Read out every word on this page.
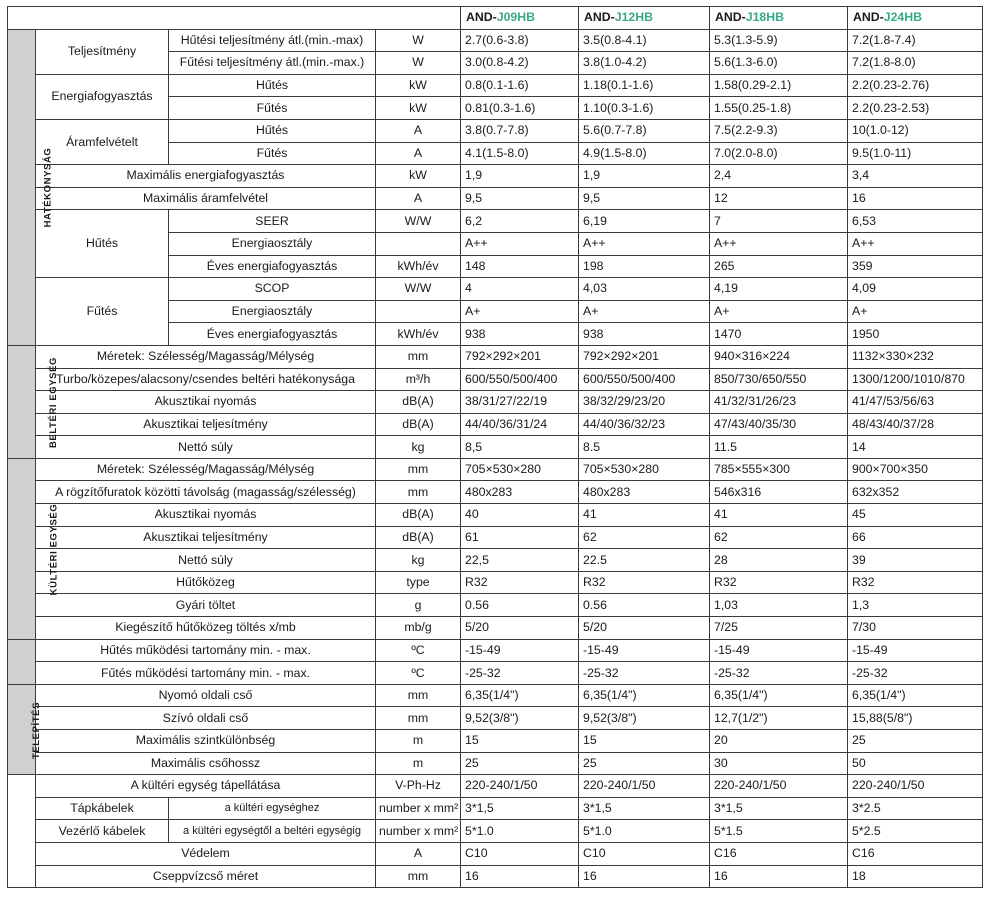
				AND-J09HB	AND-J12HB	AND-J18HB	AND-J24HB
HATÉKONYSÁG	Teljesítmény	Hűtési teljesítmény átl.(min.-max)	W	2.7(0.6-3.8)	3.5(0.8-4.1)	5.3(1.3-5.9)	7.2(1.8-7.4)
		Fűtési teljesítmény átl.(min.-max.)	W	3.0(0.8-4.2)	3.8(1.0-4.2)	5.6(1.3-6.0)	7.2(1.8-8.0)
	Energiafogyasztás	Hűtés	kW	0.8(0.1-1.6)	1.18(0.1-1.6)	1.58(0.29-2.1)	2.2(0.23-2.76)
		Fűtés	kW	0.81(0.3-1.6)	1.10(0.3-1.6)	1.55(0.25-1.8)	2.2(0.23-2.53)
	Áramfelvételt	Hűtés	A	3.8(0.7-7.8)	5.6(0.7-7.8)	7.5(2.2-9.3)	10(1.0-12)
		Fűtés	A	4.1(1.5-8.0)	4.9(1.5-8.0)	7.0(2.0-8.0)	9.5(1.0-11)
	Maximális energiafogyasztás		kW	1,9	1,9	2,4	3,4
	Maximális áramfelvétel		A	9,5	9,5	12	16
	Hűtés	SEER	W/W	6,2	6,19	7	6,53
		Energiaosztály		A++	A++	A++	A++
		Éves energiafogyasztás	kWh/év	148	198	265	359
	Fűtés	SCOP	W/W	4	4,03	4,19	4,09
		Energiaosztály		A+	A+	A+	A+
		Éves energiafogyasztás	kWh/év	938	938	1470	1950
BELTÉRI EGYSÉG	Méretek: Szélesség/Magasság/Mélység		mm	792×292×201	792×292×201	940×316×224	1132×330×232
	Turbo/közepes/alacsony/csendes beltéri hatékonysága		m³/h	600/550/500/400	600/550/500/400	850/730/650/550	1300/1200/1010/870
	Akusztikai nyomás		dB(A)	38/31/27/22/19	38/32/29/23/20	41/32/31/26/23	41/47/53/56/63
	Akusztikai teljesítmény		dB(A)	44/40/36/31/24	44/40/36/32/23	47/43/40/35/30	48/43/40/37/28
	Nettó súly		kg	8,5	8.5	11.5	14
KÜLTÉRI EGYSÉG	Méretek: Szélesség/Magasság/Mélység		mm	705×530×280	705×530×280	785×555×300	900×700×350
	A rögzítőfuratok közötti távolság (magasság/szélesség)		mm	480x283	480x283	546x316	632x352
	Akusztikai nyomás		dB(A)	40	41	41	45
	Akusztikai teljesítmény		dB(A)	61	62	62	66
	Nettó súly		kg	22,5	22.5	28	39
	Hűtőközeg		type	R32	R32	R32	R32
	Gyári töltet		g	0.56	0.56	1,03	1,3
	Kiegészítő hűtőközeg töltés x/mb		mb/g	5/20	5/20	7/25	7/30
	Hűtés működési tartomány min. - max.		ºC	-15-49	-15-49	-15-49	-15-49
	Fűtés működési tartomány min. - max.		ºC	-25-32	-25-32	-25-32	-25-32
TELEPÍTÉS	Nyomó oldali cső		mm	6,35(1/4")	6,35(1/4")	6,35(1/4")	6,35(1/4")
	Szívó oldali cső		mm	9,52(3/8")	9,52(3/8")	12,7(1/2")	15,88(5/8")
	Maximális szintkülönbség		m	15	15	20	25
	Maximális csőhossz		m	25	25	30	50
	A kültéri egység tápellátása		V-Ph-Hz	220-240/1/50	220-240/1/50	220-240/1/50	220-240/1/50
	Tápkábelek	a kültéri egységhez	number x mm²	3*1,5	3*1,5	3*1,5	3*2.5
	Vezérlő kábelek	a kültéri egységtől a beltéri egységig	number x mm²	5*1.0	5*1.0	5*1.5	5*2.5
	Védelem		A	C10	C10	C16	C16
	Cseppvízcső méret		mm	16	16	16	18
